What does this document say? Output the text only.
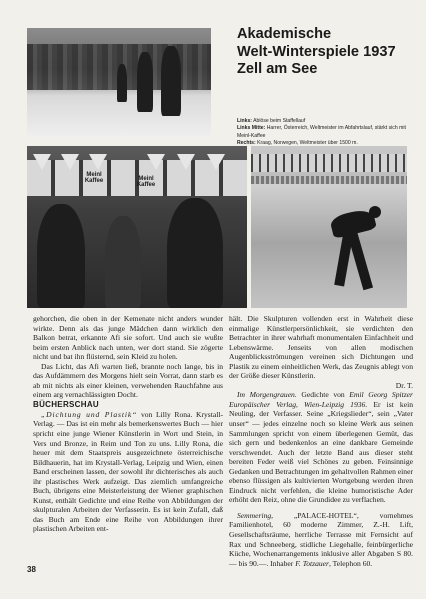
Meinl Kaffee	Meinl Kaffee
Akademische
Welt-Winterspiele 1937
Zell am See

Links: Ablöse beim Staffellauf
Links Mitte: Harrer, Österreich, Weltmeister im Abfahrtslauf, stärkt sich mit Meinl-Kaffee
Rechts: Kraag, Norwegen, Weltmeister über 1500 m.

gehorchen, die oben in der Kemenate nicht anders wunder wirkte. Denn als das junge Mädchen dann wirklich den Balkon betrat, erkannte Afi sie sofort. Und auch sie wußte beim ersten Anblick nach unten, wer dort stand. Sie zögerte nicht und bat ihn flüsternd, sein Kleid zu holen.

Das Licht, das Afi warten ließ, brannte noch lange, bis in das Aufdämmern des Morgens hielt sein Vorrat, dann starb es ab mit nichts als einer kleinen, verwehenden Rauchfahne aus einem arg vernachlässigten Docht.

BÜCHERSCHAU

„Dichtung und Plastik“ von Lilly Rona. Krystall-Verlag. — Das ist ein mehr als bemerkenswertes Buch — hier spricht eine junge Wiener Künstlerin in Wort und Stein, in Vers und Bronze, in Reim und Ton zu uns. Lilly Rona, die heuer mit dem Staatspreis ausgezeichnete österreichische Bildhauerin, hat im Krystall-Verlag, Leipzig und Wien, einen Band erscheinen lassen, der sowohl ihr dichterisches als auch ihr plastisches Werk aufzeigt. Das ziemlich umfangreiche Buch, übrigens eine Meisterleistung der Wiener graphischen Kunst, enthält Gedichte und eine Reihe von Abbildungen der skulpturalen Arbeiten der Verfasserin. Es ist kein Zufall, daß das Buch am Ende eine Reihe von Abbildungen ihrer plastischen Arbeiten ent-

hält. Die Skulpturen vollenden erst in Wahrheit diese einmalige Künstlerpersönlichkeit, sie verdichten den Betrachter in ihrer wahrhaft monumentalen Einfachheit und Lebenswärme. Jenseits von allen modischen Augenblicksströmungen vereinen sich Dichtungen und Plastik zu einem einheitlichen Werk, das Zeugnis ablegt von der Größe dieser Künstlerin.

Dr. T.

Im Morgengrauen. Gedichte von Emil Georg Spitzer Europäischer Verlag, Wien-Leipzig 1936. Er ist kein Neuling, der Verfasser. Seine „Kriegslieder“, sein „Vater unser“ — jedes einzelne noch so kleine Werk aus seinen Sammlungen spricht von einem überlegenen Gemüt, das sich gern und bedenkenlos an eine dankbare Gemeinde verschwendet. Auch der letzte Band aus dieser steht bereiten Feder weiß viel Schönes zu geben. Feinsinnige Gedanken und Betrachtungen im gehaltvollen Rahmen einer ebenso flüssigen als kultivierten Wortgebung werden ihren Eindruck nicht verfehlen, die kleine humoristische Ader erhöht den Reiz, ohne die Grundidee zu verflachen.

Semmering, „PALACE-HOTEL“, vornehmes Familienhotel, 60 moderne Zimmer, Z.-H. Lift, Gesellschaftsräume, herrliche Terrasse mit Fernsicht auf Rax und Schneeberg, stidliche Liegehalle, feinbürgerliche Küche, Wochenarrangements inklusive aller Abgaben S 80.— bis 90.—. Inhaber F. Totzauer, Telephon 60.

38
